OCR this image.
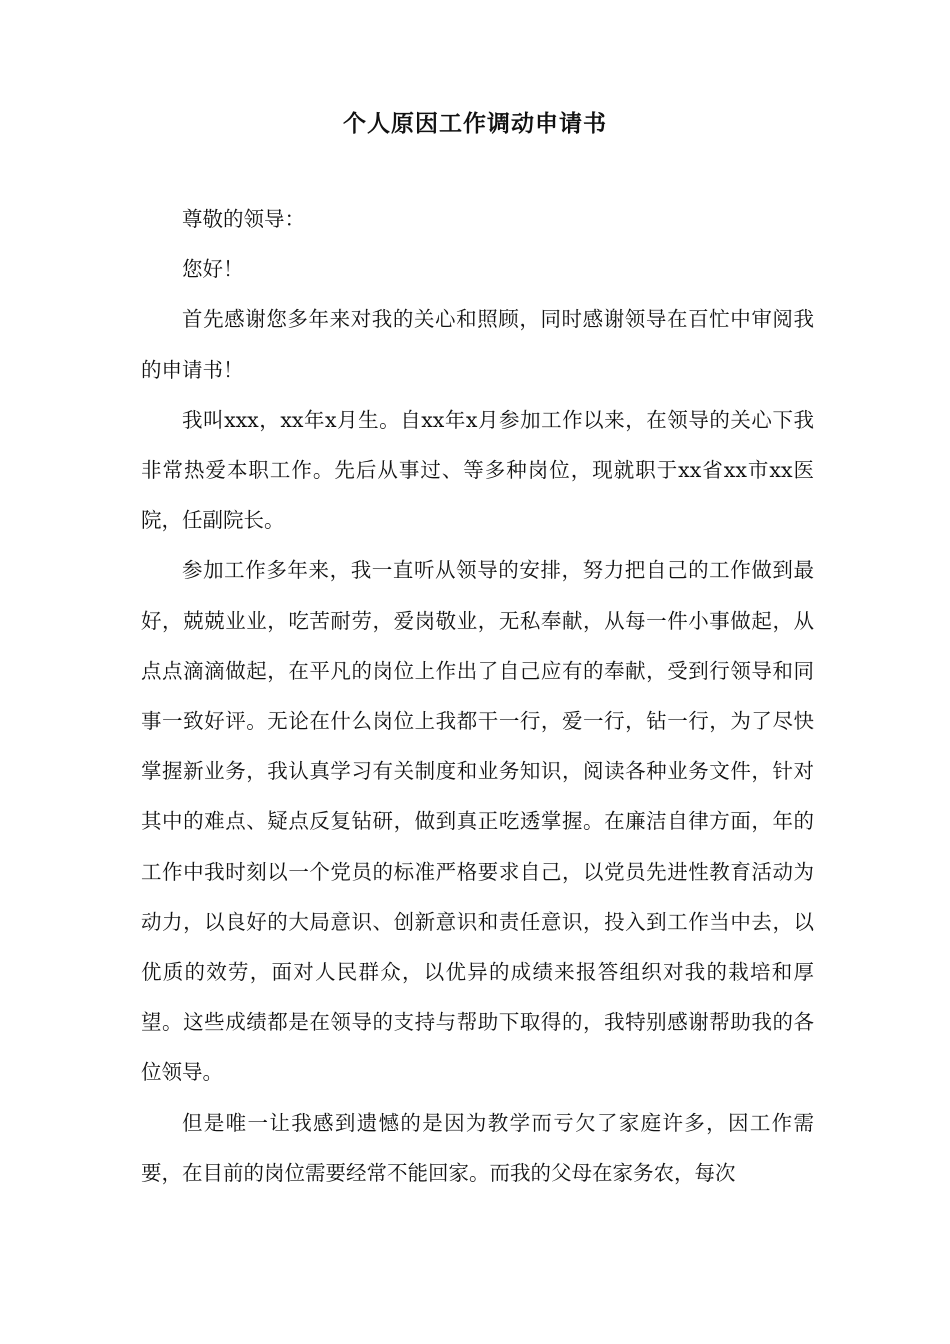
个人原因工作调动申请书

尊敬的领导：

您好！

首先感谢您多年来对我的关心和照顾，同时感谢领导在百忙中审阅我的申请书！

我叫xxx，xx年x月生。自xx年x月参加工作以来，在领导的关心下我非常热爱本职工作。先后从事过、等多种岗位，现就职于xx省xx市xx医院，任副院长。

参加工作多年来，我一直听从领导的安排，努力把自己的工作做到最好，兢兢业业，吃苦耐劳，爱岗敬业，无私奉献，从每一件小事做起，从点点滴滴做起，在平凡的岗位上作出了自己应有的奉献，受到行领导和同事一致好评。无论在什么岗位上我都干一行，爱一行，钻一行，为了尽快掌握新业务，我认真学习有关制度和业务知识，阅读各种业务文件，针对其中的难点、疑点反复钻研，做到真正吃透掌握。在廉洁自律方面，年的工作中我时刻以一个党员的标准严格要求自己，以党员先进性教育活动为动力，以良好的大局意识、创新意识和责任意识，投入到工作当中去，以优质的效劳，面对人民群众，以优异的成绩来报答组织对我的栽培和厚望。这些成绩都是在领导的支持与帮助下取得的，我特别感谢帮助我的各位领导。

但是唯一让我感到遗憾的是因为教学而亏欠了家庭许多，因工作需要，在目前的岗位需要经常不能回家。而我的父母在家务农，每次
